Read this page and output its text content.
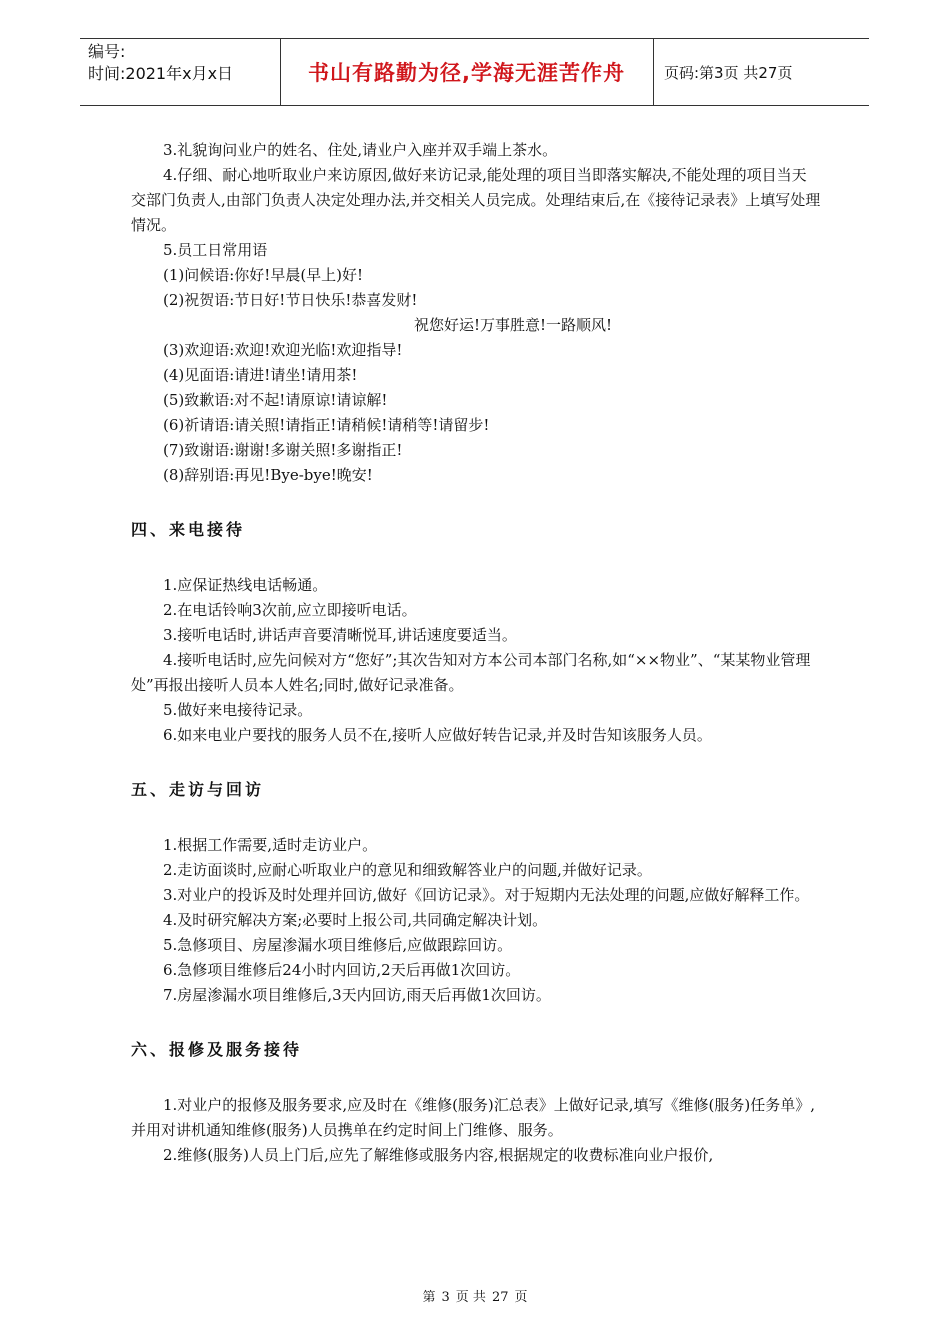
编号:
时间:2021年x月x日	书山有路勤为径,学海无涯苦作舟	页码:第3页 共27页

3.礼貌询问业户的姓名、住处,请业户入座并双手端上茶水。

4.仔细、耐心地听取业户来访原因,做好来访记录,能处理的项目当即落实解决,不能处理的项目当天交部门负责人,由部门负责人决定处理办法,并交相关人员完成。处理结束后,在《接待记录表》上填写处理情况。

5.员工日常用语

(1)问候语:你好!早晨(早上)好!

(2)祝贺语:节日好!节日快乐!恭喜发财!

祝您好运!万事胜意!一路顺风!

(3)欢迎语:欢迎!欢迎光临!欢迎指导!

(4)见面语:请进!请坐!请用茶!

(5)致歉语:对不起!请原谅!请谅解!

(6)祈请语:请关照!请指正!请稍候!请稍等!请留步!

(7)致谢语:谢谢!多谢关照!多谢指正!

(8)辞别语:再见!Bye-bye!晚安!

四、来电接待

1.应保证热线电话畅通。

2.在电话铃响3次前,应立即接听电话。

3.接听电话时,讲话声音要清晰悦耳,讲话速度要适当。

4.接听电话时,应先问候对方“您好”;其次告知对方本公司本部门名称,如“××物业”、“某某物业管理处”再报出接听人员本人姓名;同时,做好记录准备。

5.做好来电接待记录。

6.如来电业户要找的服务人员不在,接听人应做好转告记录,并及时告知该服务人员。

五、走访与回访

1.根据工作需要,适时走访业户。

2.走访面谈时,应耐心听取业户的意见和细致解答业户的问题,并做好记录。

3.对业户的投诉及时处理并回访,做好《回访记录》。对于短期内无法处理的问题,应做好解释工作。

4.及时研究解决方案;必要时上报公司,共同确定解决计划。

5.急修项目、房屋渗漏水项目维修后,应做跟踪回访。

6.急修项目维修后24小时内回访,2天后再做1次回访。

7.房屋渗漏水项目维修后,3天内回访,雨天后再做1次回访。

六、报修及服务接待

1.对业户的报修及服务要求,应及时在《维修(服务)汇总表》上做好记录,填写《维修(服务)任务单》,并用对讲机通知维修(服务)人员携单在约定时间上门维修、服务。

2.维修(服务)人员上门后,应先了解维修或服务内容,根据规定的收费标准向业户报价,

第 3 页 共 27 页
